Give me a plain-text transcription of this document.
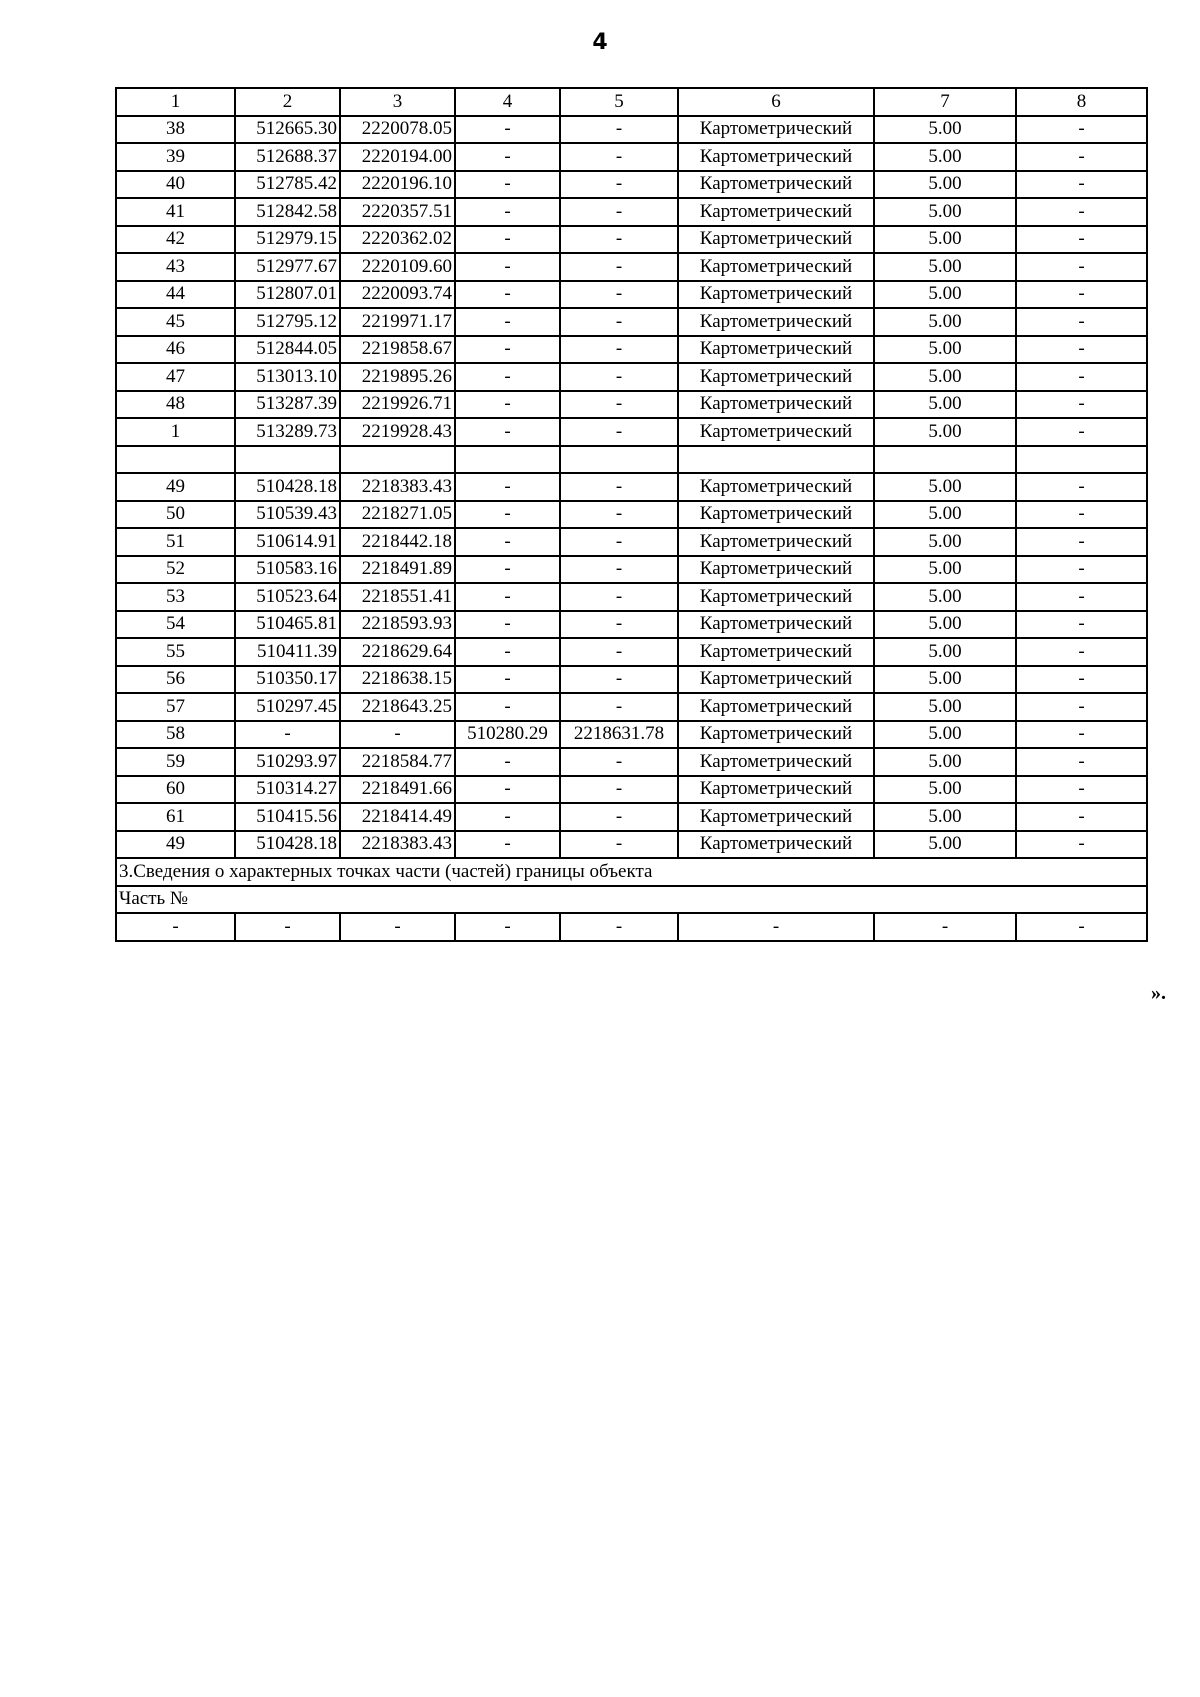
4
1	2	3	4	5	6	7	8
38	512665.30	2220078.05	-	-	Картометрический	5.00	-
39	512688.37	2220194.00	-	-	Картометрический	5.00	-
40	512785.42	2220196.10	-	-	Картометрический	5.00	-
41	512842.58	2220357.51	-	-	Картометрический	5.00	-
42	512979.15	2220362.02	-	-	Картометрический	5.00	-
43	512977.67	2220109.60	-	-	Картометрический	5.00	-
44	512807.01	2220093.74	-	-	Картометрический	5.00	-
45	512795.12	2219971.17	-	-	Картометрический	5.00	-
46	512844.05	2219858.67	-	-	Картометрический	5.00	-
47	513013.10	2219895.26	-	-	Картометрический	5.00	-
48	513287.39	2219926.71	-	-	Картометрический	5.00	-
1	513289.73	2219928.43	-	-	Картометрический	5.00	-

49	510428.18	2218383.43	-	-	Картометрический	5.00	-
50	510539.43	2218271.05	-	-	Картометрический	5.00	-
51	510614.91	2218442.18	-	-	Картометрический	5.00	-
52	510583.16	2218491.89	-	-	Картометрический	5.00	-
53	510523.64	2218551.41	-	-	Картометрический	5.00	-
54	510465.81	2218593.93	-	-	Картометрический	5.00	-
55	510411.39	2218629.64	-	-	Картометрический	5.00	-
56	510350.17	2218638.15	-	-	Картометрический	5.00	-
57	510297.45	2218643.25	-	-	Картометрический	5.00	-
58	-	-	510280.29	2218631.78	Картометрический	5.00	-
59	510293.97	2218584.77	-	-	Картометрический	5.00	-
60	510314.27	2218491.66	-	-	Картометрический	5.00	-
61	510415.56	2218414.49	-	-	Картометрический	5.00	-
49	510428.18	2218383.43	-	-	Картометрический	5.00	-
3.Сведения о характерных точках части (частей) границы объекта							
Часть №							
-	-	-	-	-	-	-	-
».
